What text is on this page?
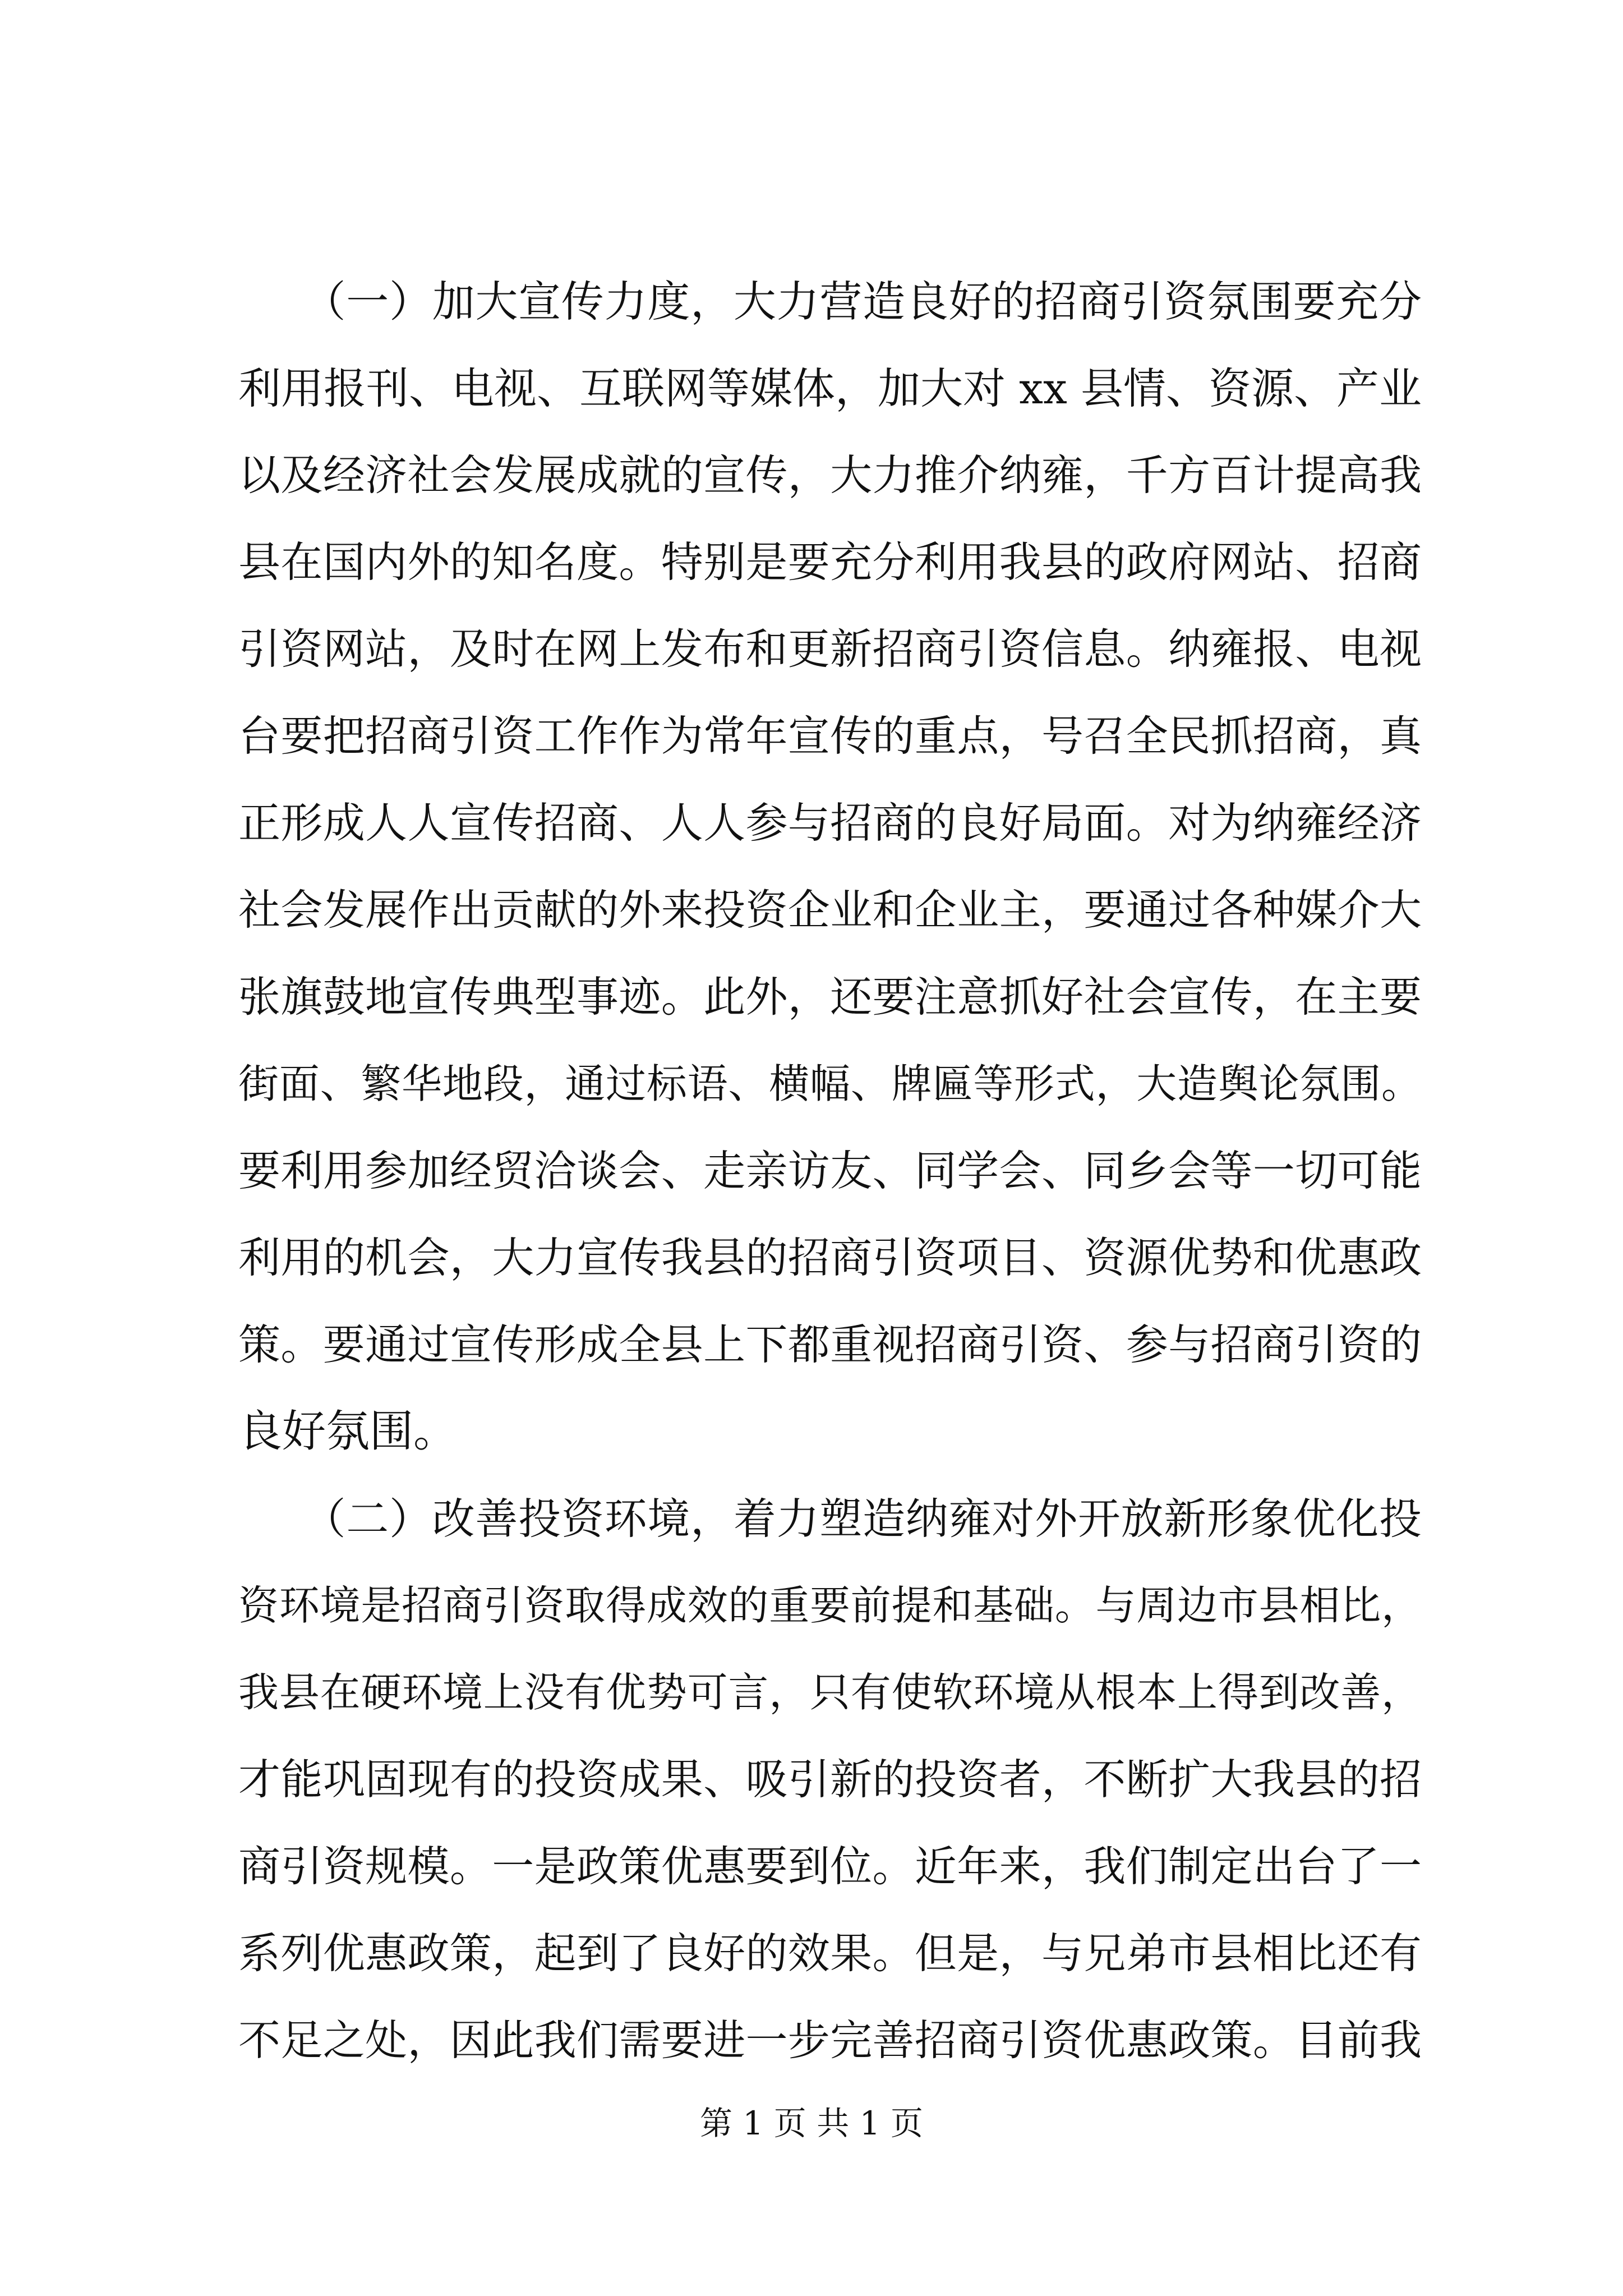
　　（一）加大宣传力度，大力营造良好的招商引资氛围要充分
利用报刊、电视、互联网等媒体，加大对 xx 县情、资源、产业
以及经济社会发展成就的宣传，大力推介纳雍，千方百计提高我
县在国内外的知名度。特别是要充分利用我县的政府网站、招商
引资网站，及时在网上发布和更新招商引资信息。纳雍报、电视
台要把招商引资工作作为常年宣传的重点，号召全民抓招商，真
正形成人人宣传招商、人人参与招商的良好局面。对为纳雍经济
社会发展作出贡献的外来投资企业和企业主，要通过各种媒介大
张旗鼓地宣传典型事迹。此外，还要注意抓好社会宣传，在主要
街面、繁华地段，通过标语、横幅、牌匾等形式，大造舆论氛围。
要利用参加经贸洽谈会、走亲访友、同学会、同乡会等一切可能
利用的机会，大力宣传我县的招商引资项目、资源优势和优惠政
策。要通过宣传形成全县上下都重视招商引资、参与招商引资的
良好氛围。
　　（二）改善投资环境，着力塑造纳雍对外开放新形象优化投
资环境是招商引资取得成效的重要前提和基础。与周边市县相比，
我县在硬环境上没有优势可言，只有使软环境从根本上得到改善，
才能巩固现有的投资成果、吸引新的投资者，不断扩大我县的招
商引资规模。一是政策优惠要到位。近年来，我们制定出台了一
系列优惠政策，起到了良好的效果。但是，与兄弟市县相比还有
不足之处，因此我们需要进一步完善招商引资优惠政策。目前我
第 1 页 共 1 页
